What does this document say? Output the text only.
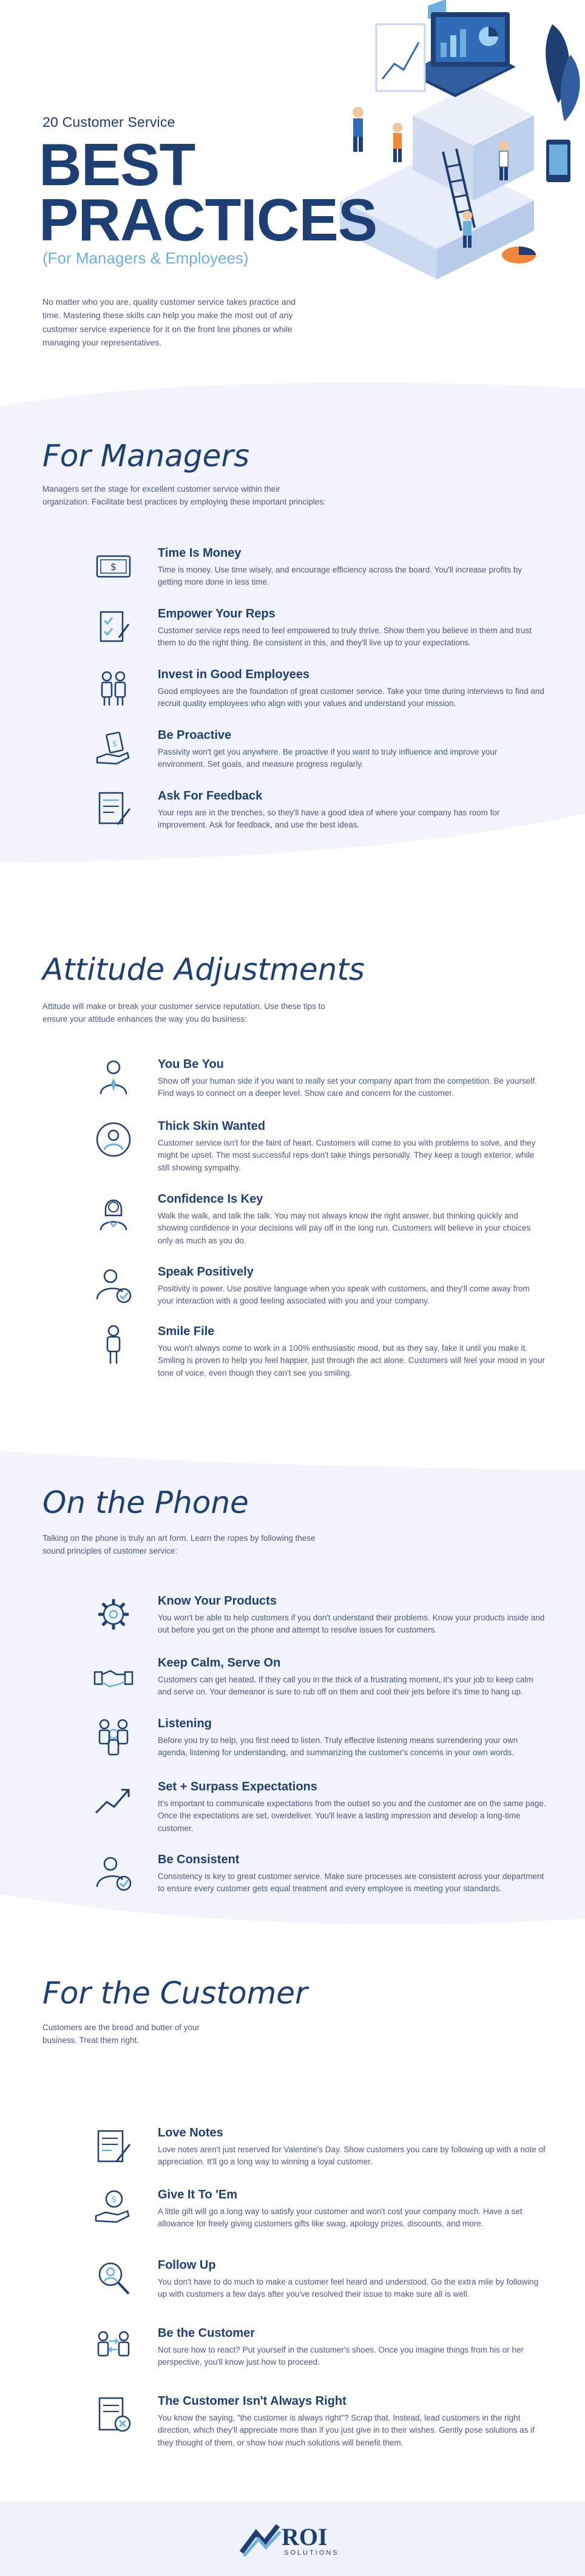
20 Customer Service
BEST
PRACTICES
(For Managers & Employees)
No matter who you are, quality customer service takes practice and time. Mastering these skills can help you make the most out of any customer service experience for it on the front line phones or while managing your representatives.
For Managers
Managers set the stage for excellent customer service within their organization. Facilitate best practices by employing these important principles:
$
Time Is Money

Time is money. Use time wisely, and encourage efficiency across the board. You'll increase profits by getting more done in less time.

Empower Your Reps

Customer service reps need to feel empowered to truly thrive. Show them you believe in them and trust them to do the right thing. Be consistent in this, and they'll live up to your expectations.

Invest in Good Employees

Good employees are the foundation of great customer service. Take your time during interviews to find and recruit quality employees who align with your values and understand your mission.

$
Be Proactive

Passivity won't get you anywhere. Be proactive if you want to truly influence and improve your environment. Set goals, and measure progress regularly.

Ask For Feedback

Your reps are in the trenches, so they'll have a good idea of where your company has room for improvement. Ask for feedback, and use the best ideas.

Attitude Adjustments
Attitude will make or break your customer service reputation. Use these tips to ensure your attitude enhances the way you do business:
You Be You

Show off your human side if you want to really set your company apart from the competition. Be yourself. Find ways to connect on a deeper level. Show care and concern for the customer.

Thick Skin Wanted

Customer service isn't for the faint of heart. Customers will come to you with problems to solve, and they might be upset. The most successful reps don't take things personally. They keep a tough exterior, while still showing sympathy.

Confidence Is Key

Walk the walk, and talk the talk. You may not always know the right answer, but thinking quickly and showing confidence in your decisions will pay off in the long run. Customers will believe in your choices only as much as you do.

Speak Positively

Positivity is power. Use positive language when you speak with customers, and they'll come away from your interaction with a good feeling associated with you and your company.

Smile File

You won't always come to work in a 100% enthusiastic mood, but as they say, fake it until you make it. Smiling is proven to help you feel happier, just through the act alone. Customers will feel your mood in your tone of voice, even though they can't see you smiling.

On the Phone
Talking on the phone is truly an art form. Learn the ropes by following these sound principles of customer service:
Know Your Products

You won't be able to help customers if you don't understand their problems. Know your products inside and out before you get on the phone and attempt to resolve issues for customers.

Keep Calm, Serve On

Customers can get heated. If they call you in the thick of a frustrating moment, it's your job to keep calm and serve on. Your demeanor is sure to rub off on them and cool their jets before it's time to hang up.

Listening

Before you try to help, you first need to listen. Truly effective listening means surrendering your own agenda, listening for understanding, and summarizing the customer's concerns in your own words.

Set + Surpass Expectations

It's important to communicate expectations from the outset so you and the customer are on the same page. Once the expectations are set, overdeliver. You'll leave a lasting impression and develop a long-time customer.

Be Consistent

Consistency is key to great customer service. Make sure processes are consistent across your department to ensure every customer gets equal treatment and every employee is meeting your standards.

For the Customer
Customers are the bread and butter of your business. Treat them right.
Love Notes

Love notes aren't just reserved for Valentine's Day. Show customers you care by following up with a note of appreciation. It'll go a long way to winning a loyal customer.

$	Give It To 'Em

A little gift will go a long way to satisfy your customer and won't cost your company much. Have a set allowance for freely giving customers gifts like swag, apology prizes, discounts, and more.

Follow Up

You don't have to do much to make a customer feel heard and understood. Go the extra mile by following up with customers a few days after you've resolved their issue to make sure all is well.

Be the Customer

Not sure how to react? Put yourself in the customer's shoes. Once you imagine things from his or her perspective, you'll know just how to proceed.

The Customer Isn't Always Right

You know the saying, "the customer is always right"? Scrap that. Instead, lead customers in the right direction, which they'll appreciate more than if you just give in to their wishes. Gently pose solutions as if they thought of them, or show how much solutions will benefit them.

ROI
SOLUTIONS
